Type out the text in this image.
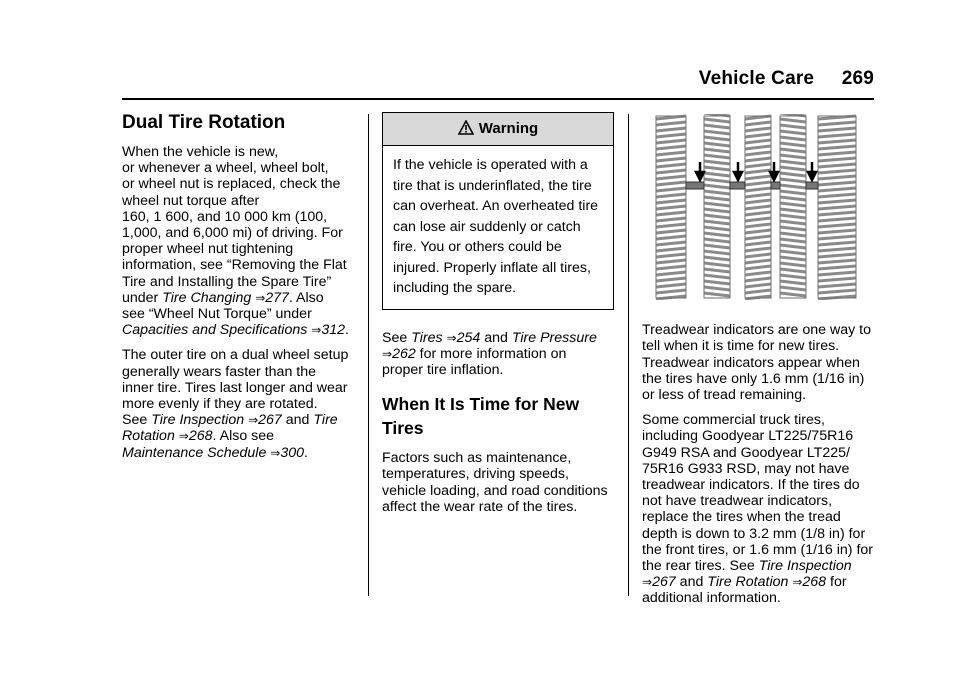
Vehicle Care 269
Dual Tire Rotation

When the vehicle is new,
or whenever a wheel, wheel bolt,
or wheel nut is replaced, check the
wheel nut torque after
160, 1 600, and 10 000 km (100,
1,000, and 6,000 mi) of driving. For
proper wheel nut tightening
information, see “Removing the Flat
Tire and Installing the Spare Tire”
under Tire Changing ⇒277. Also
see “Wheel Nut Torque” under
Capacities and Specifications ⇒312.

The outer tire on a dual wheel setup
generally wears faster than the
inner tire. Tires last longer and wear
more evenly if they are rotated.
See Tire Inspection ⇒267 and Tire
Rotation ⇒268. Also see
Maintenance Schedule ⇒300.

Warning

If the vehicle is operated with a
tire that is underinflated, the tire
can overheat. An overheated tire
can lose air suddenly or catch
fire. You or others could be
injured. Properly inflate all tires,
including the spare.

See Tires ⇒254 and Tire Pressure
⇒262 for more information on
proper tire inflation.

When It Is Time for New
Tires

Factors such as maintenance,
temperatures, driving speeds,
vehicle loading, and road conditions
affect the wear rate of the tires.

Treadwear indicators are one way to
tell when it is time for new tires.
Treadwear indicators appear when
the tires have only 1.6 mm (1/16 in)
or less of tread remaining.

Some commercial truck tires,
including Goodyear LT225/75R16
G949 RSA and Goodyear LT225/
75R16 G933 RSD, may not have
treadwear indicators. If the tires do
not have treadwear indicators,
replace the tires when the tread
depth is down to 3.2 mm (1/8 in) for
the front tires, or 1.6 mm (1/16 in) for
the rear tires. See Tire Inspection
⇒267 and Tire Rotation ⇒268 for
additional information.
